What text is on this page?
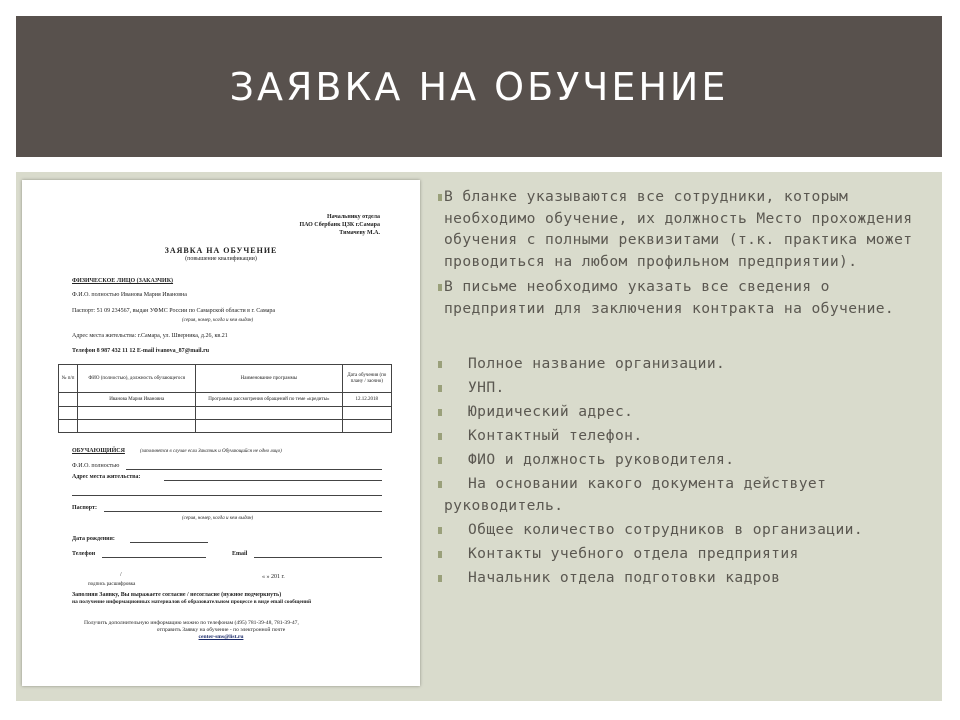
ЗАЯВКА НА ОБУЧЕНИЕ
Начальнику отдела
ПАО Сбербанк ЦЗК г.Самара
Тимачеву М.А.
ЗАЯВКА НА ОБУЧЕНИЕ
(повышение квалификации)
ФИЗИЧЕСКОЕ ЛИЦО (ЗАКАЗЧИК)
Ф.И.О. полностью Иванова Мария Ивановна
Паспорт: 51 09 234567, выдан УФМС России по Самарской области в г. Самара
(серия, номер, когда и кем выдан)
Адрес места жительства: г.Самара, ул. Шверника, д.26, кв.21
Телефон 8 987 432 11 12 E-mail ivanova_87@mail.ru
№ п/п	ФИО (полностью), должность обучающегося	Наименование программы	Дата обучения (по плану / заочно)
	Иванова Мария Ивановна	Программа рассмотрения обращений по теме «кредиты»	12.12.2018

ОБУЧАЮЩИЙСЯ	(заполняется в случае если Заказчик и Обучающийся не одно лицо)
Ф.И.О. полностью
Адрес места жительства:
Паспорт:
(серия, номер, когда и кем выдан)
Дата рождения:
Телефон	Email
/	« » 201 г.
подпись расшифровка
Заполняя Заявку, Вы выражаете согласие / несогласие (нужное подчеркнуть)
на получение информационных материалов об образовательном процессе в виде email сообщений
Получить дополнительную информацию можно по телефонам (495) 781-39-48, 781-39-47,
отправить Заявку на обучение - по электронной почте
center-sms@list.ru
В бланке указываются все сотрудники, которым необходимо обучение, их должность Место прохождения обучения с полными реквизитами (т.к. практика может проводиться на любом профильном предприятии).
В письме необходимо указать все сведения о предприятии для заключения контракта на обучение.
Полное название организации.
УНП.
Юридический адрес.
Контактный телефон.
ФИО и должность руководителя.
На основании какого документа действует руководитель.
Общее количество сотрудников в организации.
Контакты учебного отдела предприятия
Начальник отдела подготовки кадров
